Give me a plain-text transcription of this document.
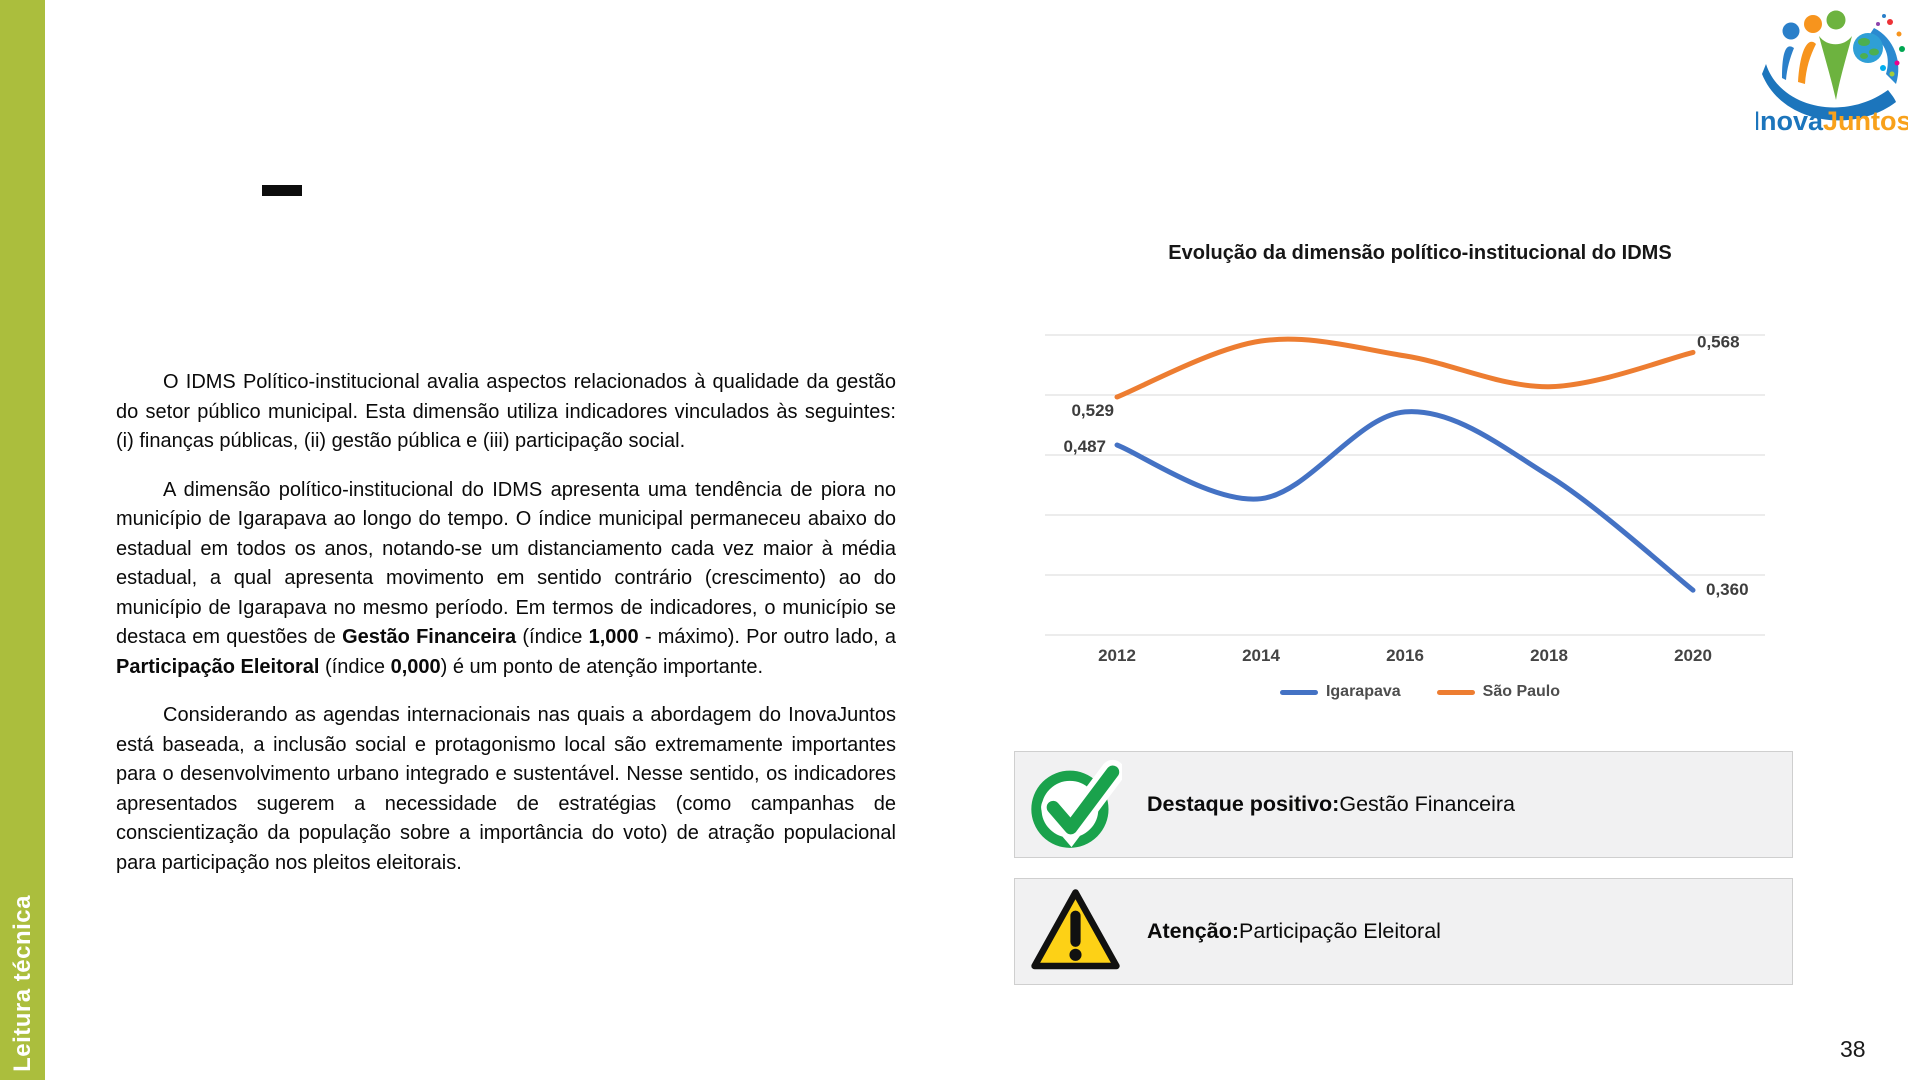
Leitura técnica
InovaJuntos

O IDMS Político-institucional avalia aspectos relacionados à qualidade da gestão do setor público municipal. Esta dimensão utiliza indicadores vinculados às seguintes: (i) finanças públicas, (ii) gestão pública e (iii) participação social.

A dimensão político-institucional do IDMS apresenta uma tendência de piora no município de Igarapava ao longo do tempo. O índice municipal permaneceu abaixo do estadual em todos os anos, notando-se um distanciamento cada vez maior à média estadual, a qual apresenta movimento em sentido contrário (crescimento) ao do município de Igarapava no mesmo período. Em termos de indicadores, o município se destaca em questões de Gestão Financeira (índice 1,000 - máximo). Por outro lado, a Participação Eleitoral (índice 0,000) é um ponto de atenção importante.

Considerando as agendas internacionais nas quais a abordagem do InovaJuntos está baseada, a inclusão social e protagonismo local são extremamente importantes para o desenvolvimento urbano integrado e sustentável. Nesse sentido, os indicadores apresentados sugerem a necessidade de estratégias (como campanhas de conscientização da população sobre a importância do voto) de atração populacional para participação nos pleitos eleitorais.

Evolução da dimensão político-institucional do IDMS
0,487
0,360
0,529
0,568
2012	2014	2016	2018	2020
Igarapava	São Paulo
Destaque positivo: Gestão Financeira
Atenção: Participação Eleitoral
38
